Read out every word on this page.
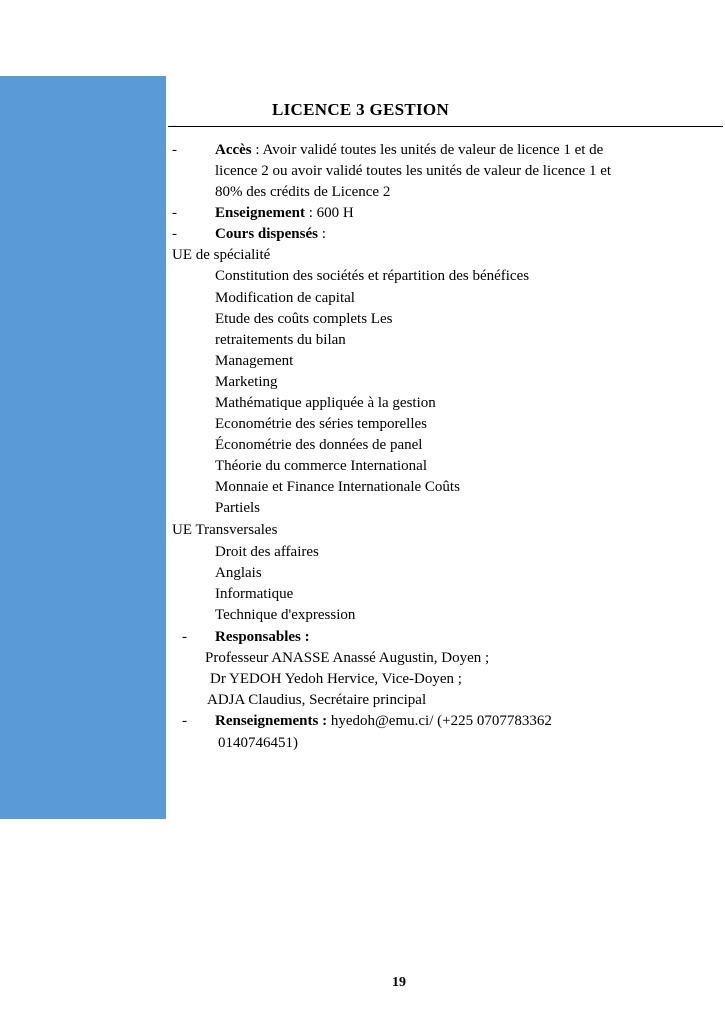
LICENCE 3 GESTION
-
-	Accès : Avoir validé toutes les unités de valeur de licence 1 et de
licence 2 ou avoir validé toutes les unités de valeur de licence 1 et
80% des crédits de Licence 2
-	Enseignement : 600 H
-	Cours dispensés :
UE de spécialité
Constitution des sociétés et répartition des bénéfices
Modification de capital
Etude des coûts complets Les
retraitements du bilan
Management
Marketing
Mathématique appliquée à la gestion
Econométrie des séries temporelles
Économétrie des données de panel
Théorie du commerce International
Monnaie et Finance Internationale Coûts
Partiels
UE Transversales
Droit des affaires
Anglais
Informatique
Technique d'expression
- Responsables :
Professeur ANASSE Anassé Augustin, Doyen ;
Dr YEDOH Yedoh Hervice, Vice-Doyen ;
ADJA Claudius, Secrétaire principal
- Renseignements : hyedoh@emu.ci/ (+225 0707783362
0140746451)
19
